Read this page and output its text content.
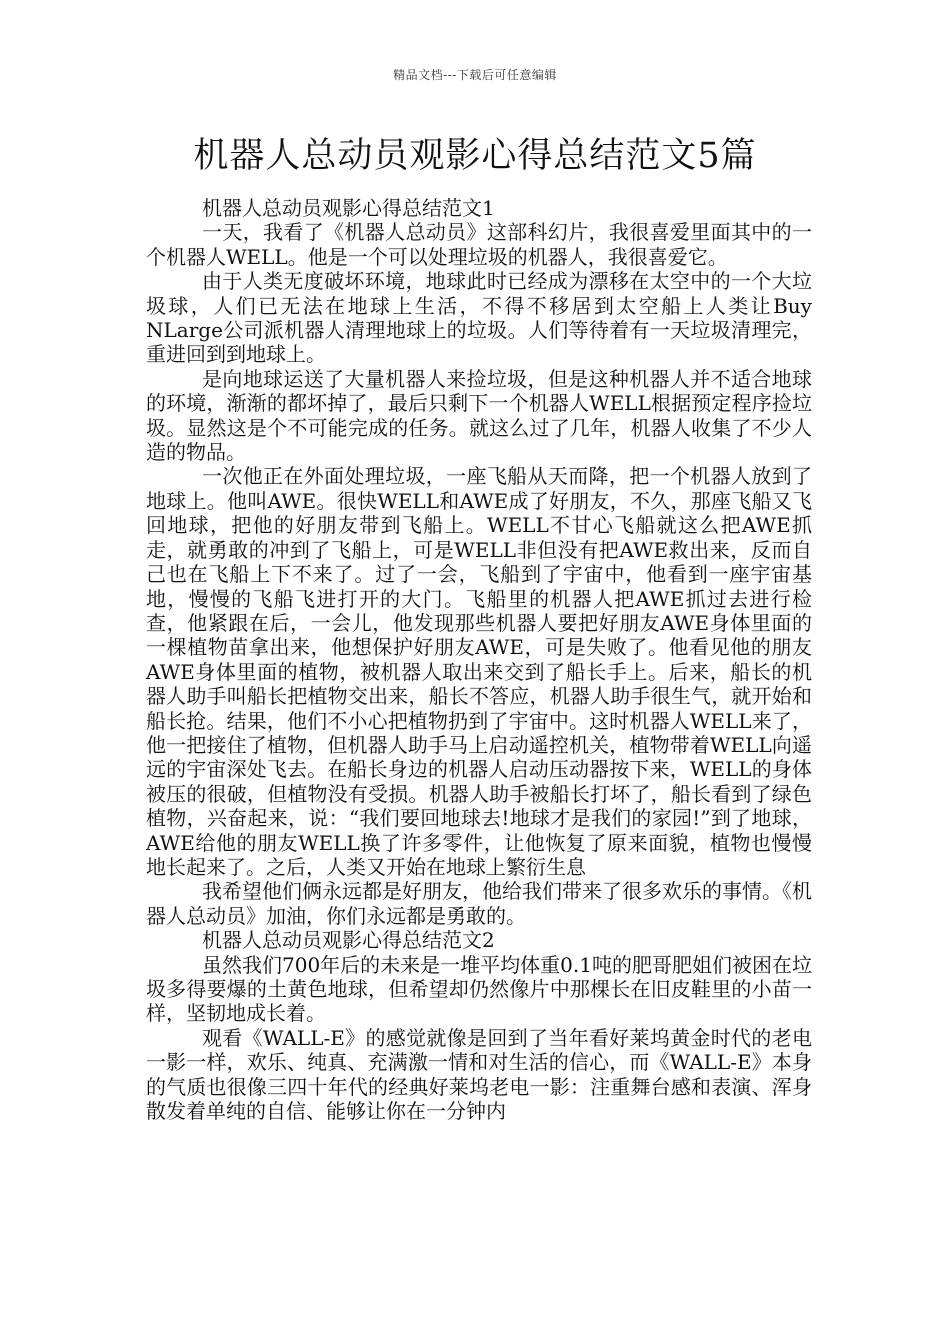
精品文档---下载后可任意编辑
机器人总动员观影心得总结范文5篇

机器人总动员观影心得总结范文1

一天，我看了《机器人总动员》这部科幻片，我很喜爱里面其中的一个机器人WELL。他是一个可以处理垃圾的机器人，我很喜爱它。

由于人类无度破坏环境，地球此时已经成为漂移在太空中的一个大垃圾球，人们已无法在地球上生活，不得不移居到太空船上人类让Buy NLarge公司派机器人清理地球上的垃圾。人们等待着有一天垃圾清理完，重进回到到地球上。

是向地球运送了大量机器人来捡垃圾，但是这种机器人并不适合地球的环境，渐渐的都坏掉了，最后只剩下一个机器人WELL根据预定程序捡垃圾。显然这是个不可能完成的任务。就这么过了几年，机器人收集了不少人造的物品。

一次他正在外面处理垃圾，一座飞船从天而降，把一个机器人放到了地球上。他叫AWE。很快WELL和AWE成了好朋友，不久，那座飞船又飞回地球，把他的好朋友带到飞船上。WELL不甘心飞船就这么把AWE抓走，就勇敢的冲到了飞船上，可是WELL非但没有把AWE救出来，反而自己也在飞船上下不来了。过了一会，飞船到了宇宙中，他看到一座宇宙基地，慢慢的飞船飞进打开的大门。飞船里的机器人把AWE抓过去进行检查，他紧跟在后，一会儿，他发现那些机器人要把好朋友AWE身体里面的一棵植物苗拿出来，他想保护好朋友AWE，可是失败了。他看见他的朋友AWE身体里面的植物，被机器人取出来交到了船长手上。后来，船长的机器人助手叫船长把植物交出来，船长不答应，机器人助手很生气，就开始和船长抢。结果，他们不小心把植物扔到了宇宙中。这时机器人WELL来了，他一把接住了植物，但机器人助手马上启动遥控机关，植物带着WELL向遥远的宇宙深处飞去。在船长身边的机器人启动压动器按下来，WELL的身体被压的很破，但植物没有受损。机器人助手被船长打坏了，船长看到了绿色植物，兴奋起来，说：“我们要回地球去!地球才是我们的家园!”到了地球，AWE给他的朋友WELL换了许多零件，让他恢复了原来面貌，植物也慢慢地长起来了。之后，人类又开始在地球上繁衍生息

我希望他们俩永远都是好朋友，他给我们带来了很多欢乐的事情。《机器人总动员》加油，你们永远都是勇敢的。

机器人总动员观影心得总结范文2

虽然我们700年后的未来是一堆平均体重0.1吨的肥哥肥姐们被困在垃圾多得要爆的土黄色地球，但希望却仍然像片中那棵长在旧皮鞋里的小苗一样，坚韧地成长着。

观看《WALL-E》的感觉就像是回到了当年看好莱坞黄金时代的老电一影一样，欢乐、纯真、充满激一情和对生活的信心，而《WALL-E》本身的气质也很像三四十年代的经典好莱坞老电一影：注重舞台感和表演、浑身散发着单纯的自信、能够让你在一分钟内
